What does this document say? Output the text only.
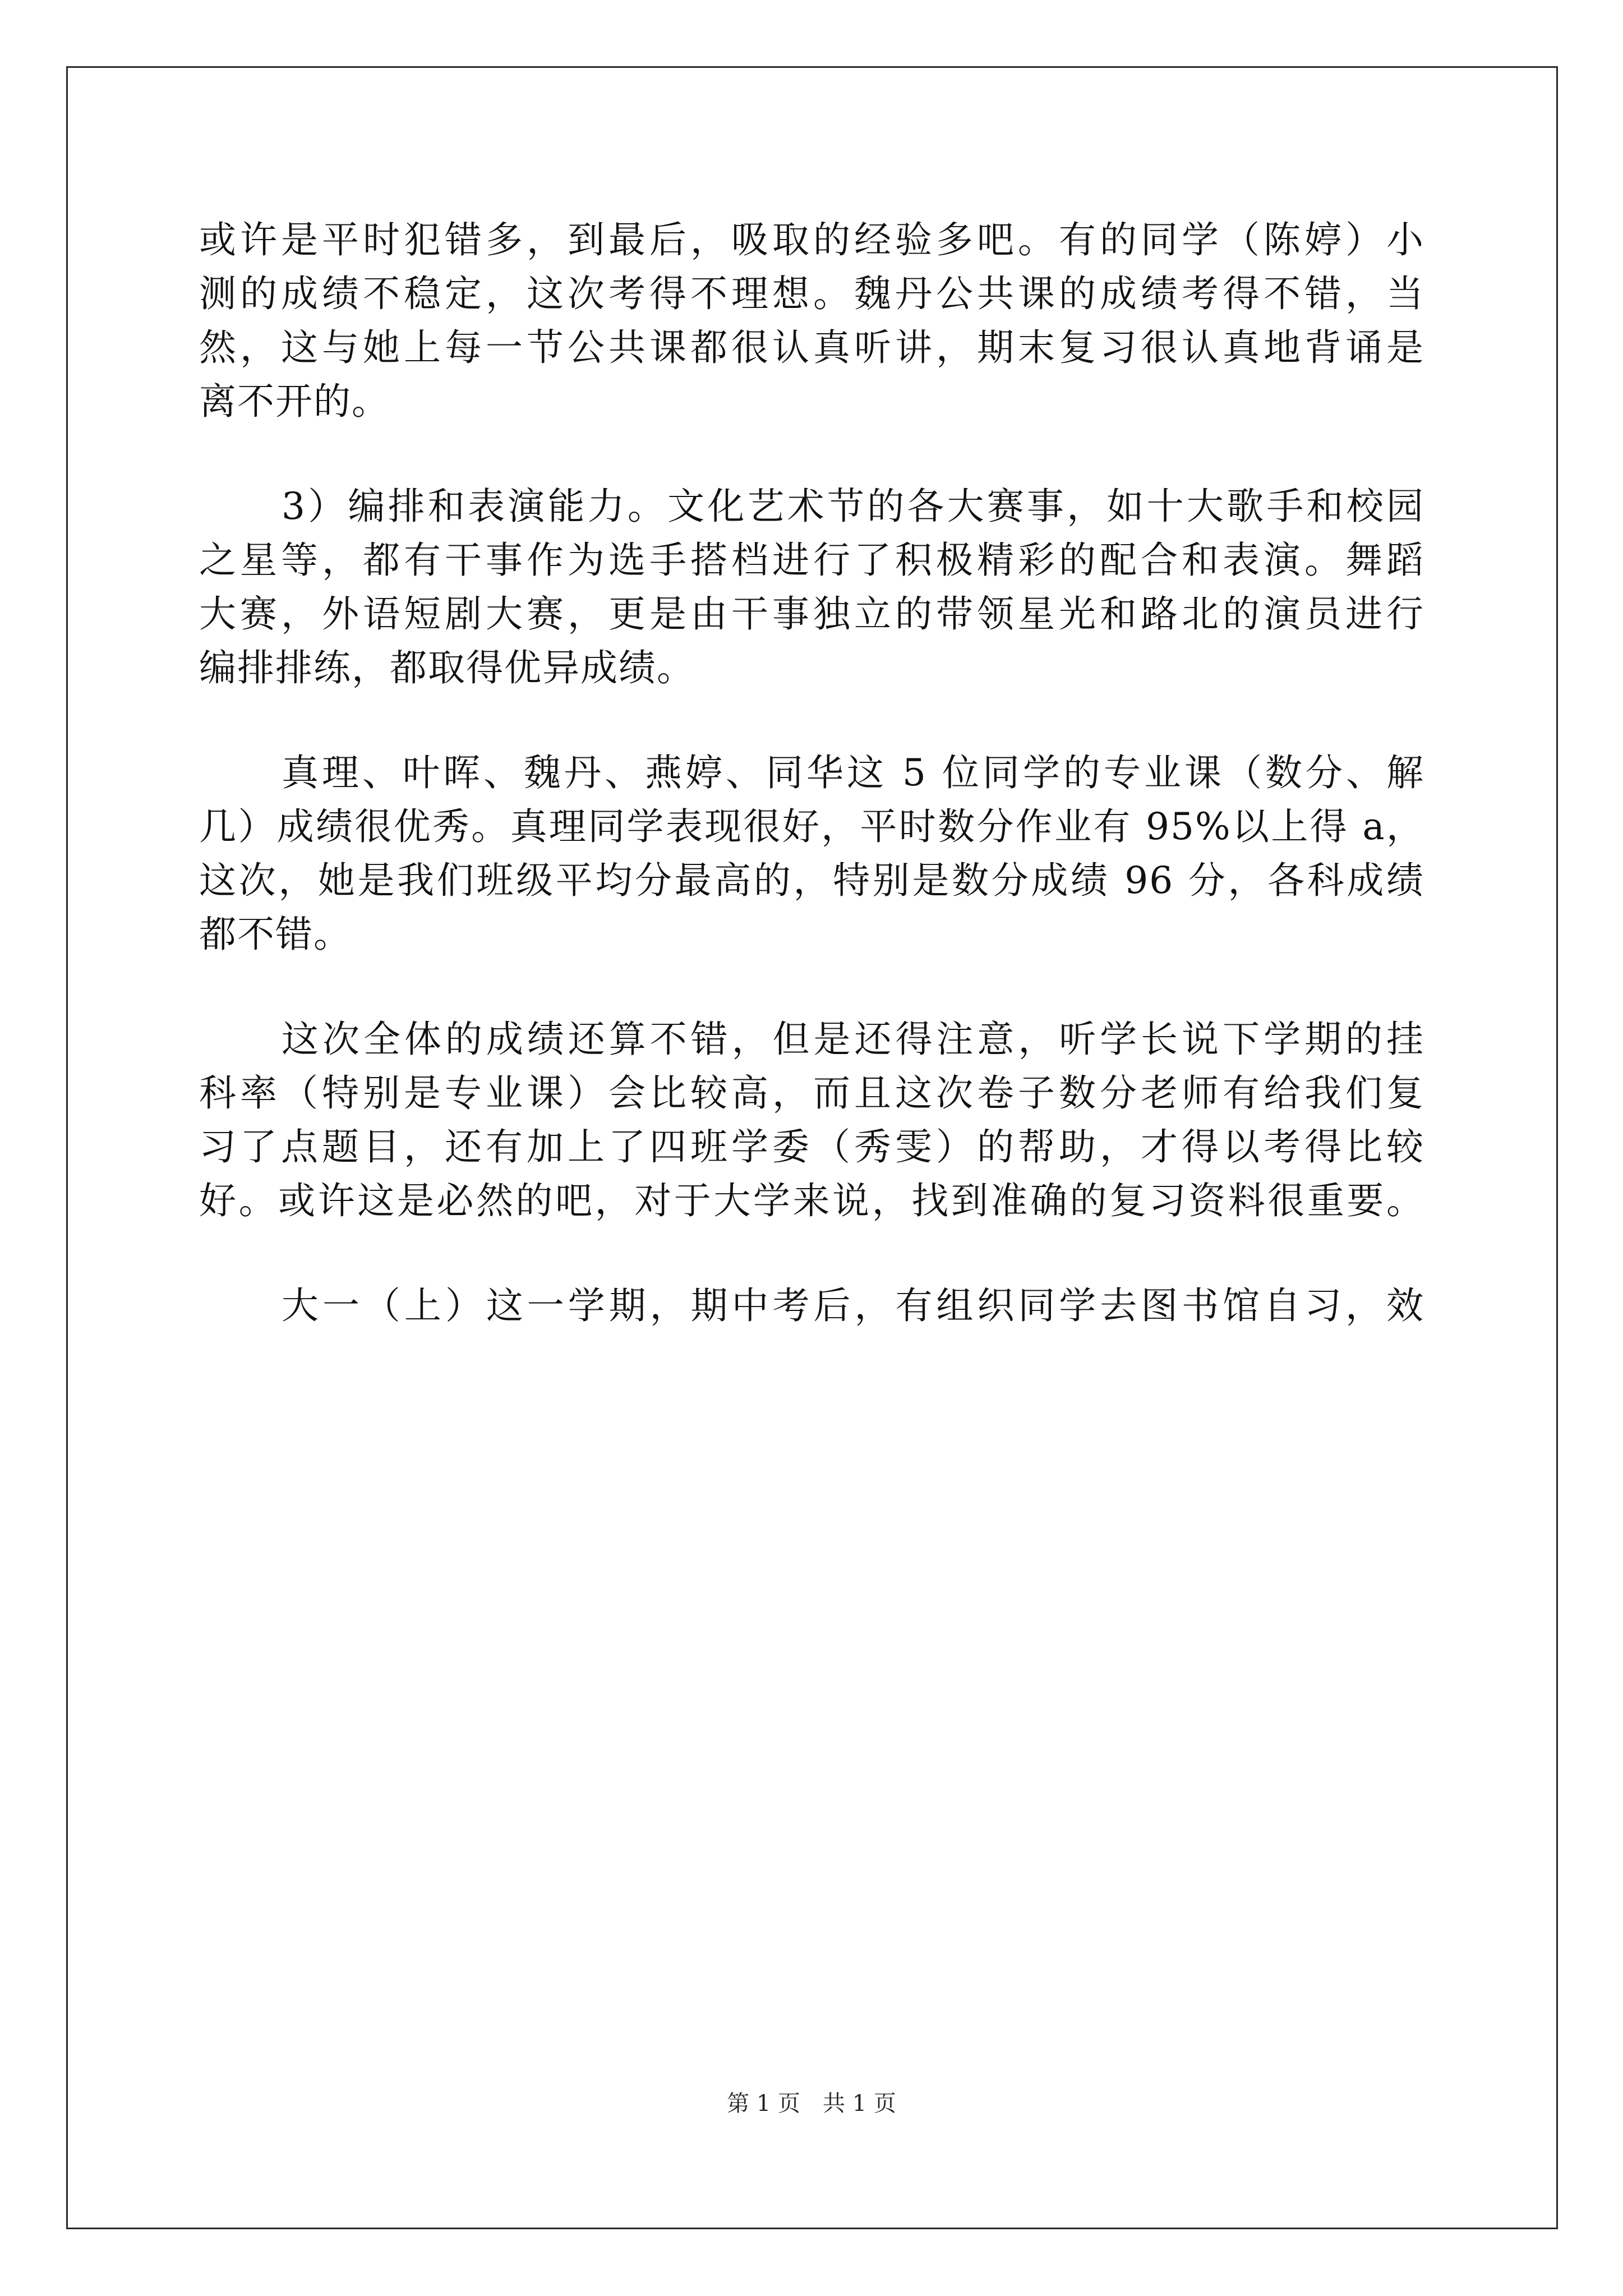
或许是平时犯错多，到最后，吸取的经验多吧。有的同学（陈婷）小
测的成绩不稳定，这次考得不理想。魏丹公共课的成绩考得不错，当
然，这与她上每一节公共课都很认真听讲，期末复习很认真地背诵是
离不开的。
3）编排和表演能力。文化艺术节的各大赛事，如十大歌手和校园
之星等，都有干事作为选手搭档进行了积极精彩的配合和表演。舞蹈
大赛，外语短剧大赛，更是由干事独立的带领星光和路北的演员进行
编排排练，都取得优异成绩。
真理、叶晖、魏丹、燕婷、同华这 5 位同学的专业课（数分、解
几）成绩很优秀。真理同学表现很好，平时数分作业有 95%以上得 a，
这次，她是我们班级平均分最高的，特别是数分成绩 96 分，各科成绩
都不错。
这次全体的成绩还算不错，但是还得注意，听学长说下学期的挂
科率（特别是专业课）会比较高，而且这次卷子数分老师有给我们复
习了点题目，还有加上了四班学委（秀雯）的帮助，才得以考得比较
好。或许这是必然的吧，对于大学来说，找到准确的复习资料很重要。
大一（上）这一学期，期中考后，有组织同学去图书馆自习，效
第 1 页 共 1 页
